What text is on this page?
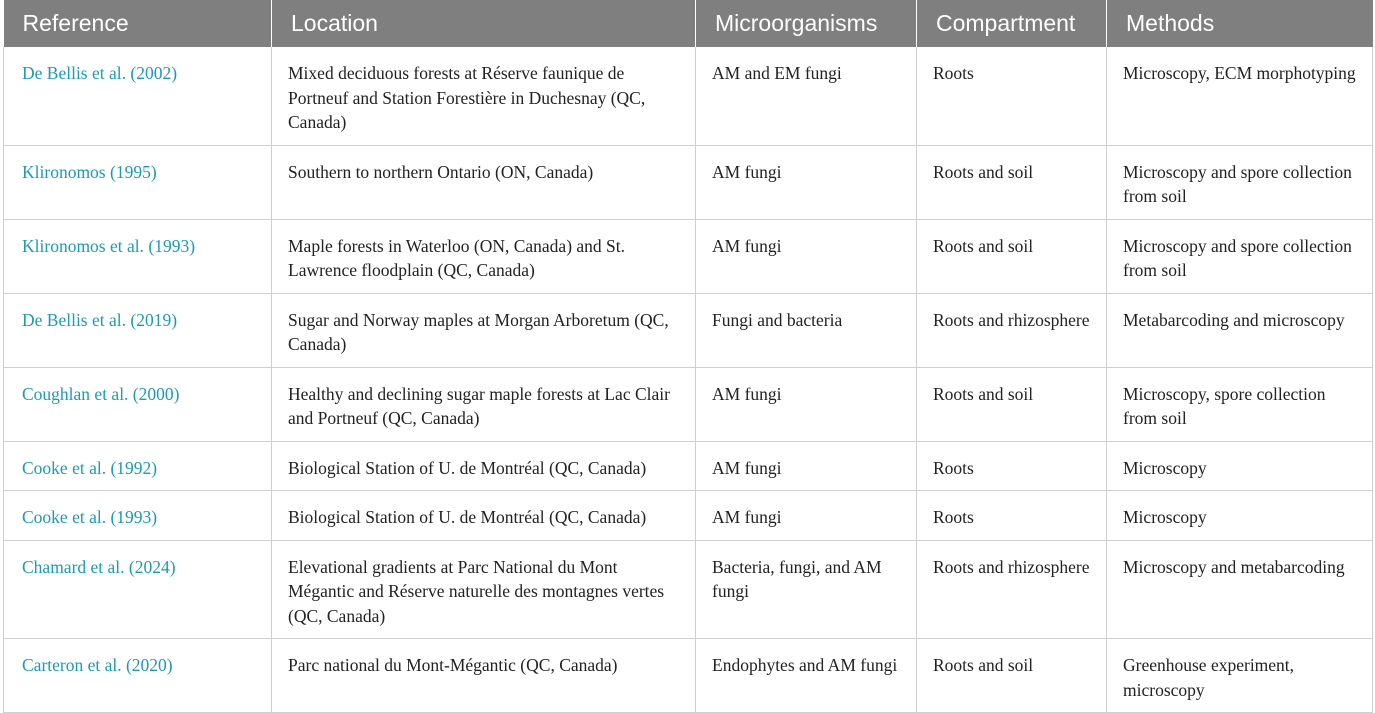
Reference	Location	Microorganisms	Compartment	Methods
De Bellis et al. (2002)	Mixed deciduous forests at Réserve faunique de Portneuf and Station Forestière in Duchesnay (QC, Canada)	AM and EM fungi	Roots	Microscopy, ECM morphotyping
Klironomos (1995)	Southern to northern Ontario (ON, Canada)	AM fungi	Roots and soil	Microscopy and spore collection from soil
Klironomos et al. (1993)	Maple forests in Waterloo (ON, Canada) and St. Lawrence floodplain (QC, Canada)	AM fungi	Roots and soil	Microscopy and spore collection from soil
De Bellis et al. (2019)	Sugar and Norway maples at Morgan Arboretum (QC, Canada)	Fungi and bacteria	Roots and rhizosphere	Metabarcoding and microscopy
Coughlan et al. (2000)	Healthy and declining sugar maple forests at Lac Clair and Portneuf (QC, Canada)	AM fungi	Roots and soil	Microscopy, spore collection from soil
Cooke et al. (1992)	Biological Station of U. de Montréal (QC, Canada)	AM fungi	Roots	Microscopy
Cooke et al. (1993)	Biological Station of U. de Montréal (QC, Canada)	AM fungi	Roots	Microscopy
Chamard et al. (2024)	Elevational gradients at Parc National du Mont Mégantic and Réserve naturelle des montagnes vertes (QC, Canada)	Bacteria, fungi, and AM fungi	Roots and rhizosphere	Microscopy and metabarcoding
Carteron et al. (2020)	Parc national du Mont-Mégantic (QC, Canada)	Endophytes and AM fungi	Roots and soil	Greenhouse experiment, microscopy
